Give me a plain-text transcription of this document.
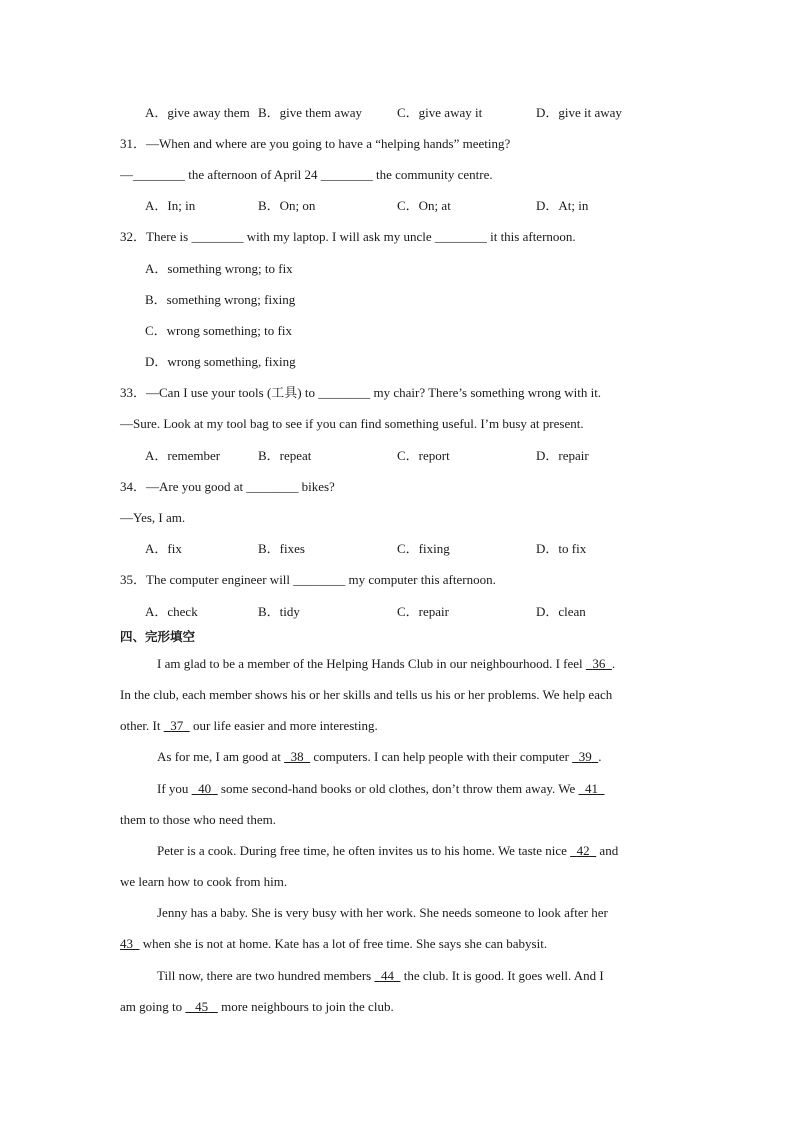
A．give away them B．give them away	C．give away it	D．give it away
31．—When and where are you going to have a “helping hands” meeting?
—________ the afternoon of April 24 ________ the community centre.
A．In; in	B．On; on	C．On; at	D．At; in
32．There is ________ with my laptop. I will ask my uncle ________ it this afternoon.
A．something wrong; to fix
B．something wrong; fixing
C．wrong something; to fix
D．wrong something, fixing
33．—Can I use your tools (工具) to ________ my chair? There’s something wrong with it.
—Sure. Look at my tool bag to see if you can find something useful. I’m busy at present.
A．remember	B．repeat	C．report	D．repair
34．—Are you good at ________ bikes?
—Yes, I am.
A．fix	B．fixes	C．fixing	D．to fix
35．The computer engineer will ________ my computer this afternoon.
A．check	B．tidy	C．repair	D．clean
四、完形填空
I am glad to be a member of the Helping Hands Club in our neighbourhood. I feel   36 .
In the club, each member shows his or her skills and tells us his or her problems. We help each
other. It   37   our life easier and more interesting.
As for me, I am good at   38   computers. I can help people with their computer   39 .
If you   40   some second-hand books or old clothes, don’t throw them away. We   41
them to those who need them.
Peter is a cook. During free time, he often invites us to his home. We taste nice   42   and
we learn how to cook from him.
Jenny has a baby. She is very busy with her work. She needs someone to look after her
43   when she is not at home. Kate has a lot of free time. She says she can babysit.
Till now, there are two hundred members   44   the club. It is good. It goes well. And I
am going to    45    more neighbours to join the club.
